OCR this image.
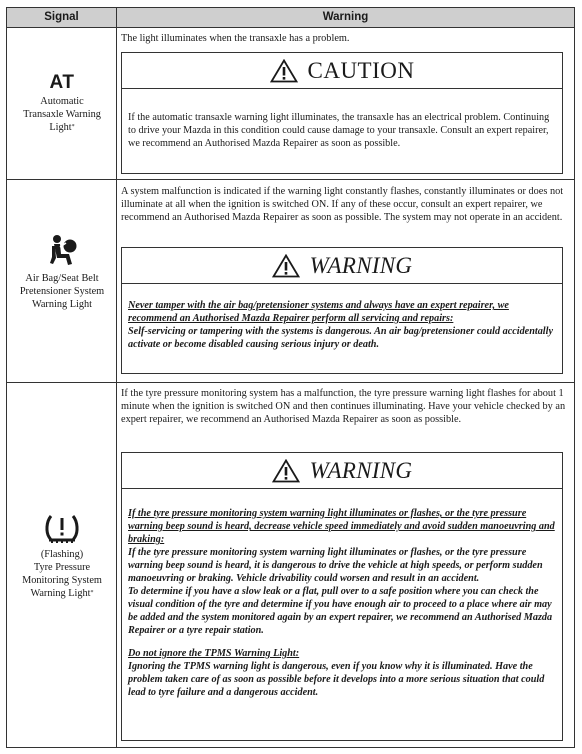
Signal	Warning
AT
Automatic
Transaxle Warning
Light*
The light illuminates when the transaxle has a problem.
CAUTION

If the automatic transaxle warning light illuminates, the transaxle has an electrical problem. Continuing to drive your Mazda in this condition could cause damage to your transaxle. Consult an expert repairer, we recommend an Authorised Mazda Repairer as soon as possible.

Air Bag/Seat Belt
Pretensioner System
Warning Light
A system malfunction is indicated if the warning light constantly flashes, constantly illuminates or does not illuminate at all when the ignition is switched ON. If any of these occur, consult an expert repairer, we recommend an Authorised Mazda Repairer as soon as possible. The system may not operate in an accident.
WARNING

Never tamper with the air bag/pretensioner systems and always have an expert repairer, we recommend an Authorised Mazda Repairer perform all servicing and repairs:

Self-servicing or tampering with the systems is dangerous. An air bag/pretensioner could accidentally activate or become disabled causing serious injury or death.

(Flashing)
Tyre Pressure
Monitoring System
Warning Light*
If the tyre pressure monitoring system has a malfunction, the tyre pressure warning light flashes for about 1 minute when the ignition is switched ON and then continues illuminating. Have your vehicle checked by an expert repairer, we recommend an Authorised Mazda Repairer as soon as possible.
WARNING

If the tyre pressure monitoring system warning light illuminates or flashes, or the tyre pressure warning beep sound is heard, decrease vehicle speed immediately and avoid sudden manoeuvring and braking:

If the tyre pressure monitoring system warning light illuminates or flashes, or the tyre pressure warning beep sound is heard, it is dangerous to drive the vehicle at high speeds, or perform sudden manoeuvring or braking. Vehicle drivability could worsen and result in an accident.

To determine if you have a slow leak or a flat, pull over to a safe position where you can check the visual condition of the tyre and determine if you have enough air to proceed to a place where air may be added and the system monitored again by an expert repairer, we recommend an Authorised Mazda Repairer or a tyre repair station.

Do not ignore the TPMS Warning Light:

Ignoring the TPMS warning light is dangerous, even if you know why it is illuminated. Have the problem taken care of as soon as possible before it develops into a more serious situation that could lead to tyre failure and a dangerous accident.
